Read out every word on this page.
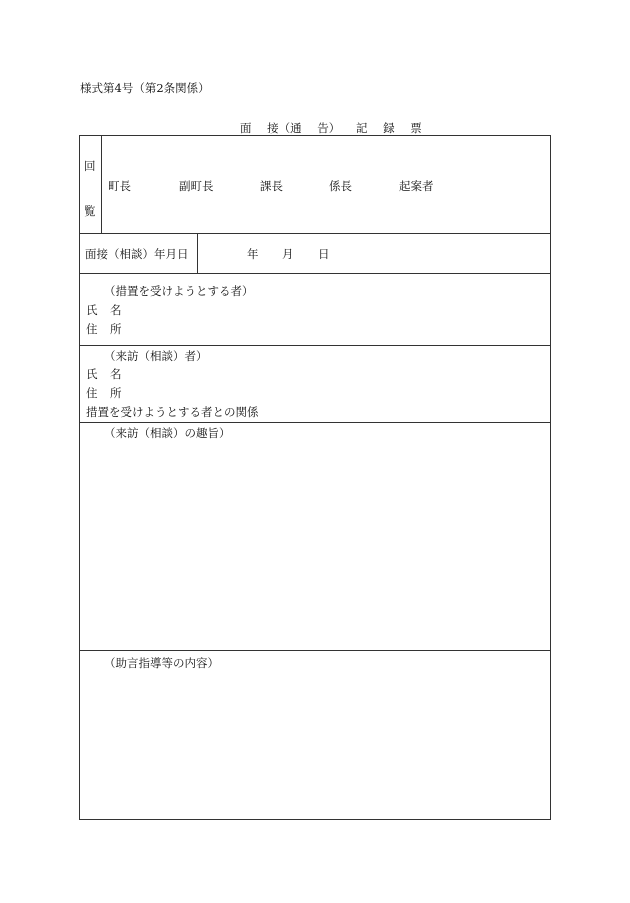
様式第4号（第2条関係）
面 接（通 告） 記 録 票
回
覧
町長	副町長	課長	係長	起案者
面接（相談）年月日	年 月 日
（措置を受けようとする者）
氏 名
住 所
（来訪（相談）者）
氏 名
住 所
措置を受けようとする者との関係
（来訪（相談）の趣旨）
（助言指導等の内容）
